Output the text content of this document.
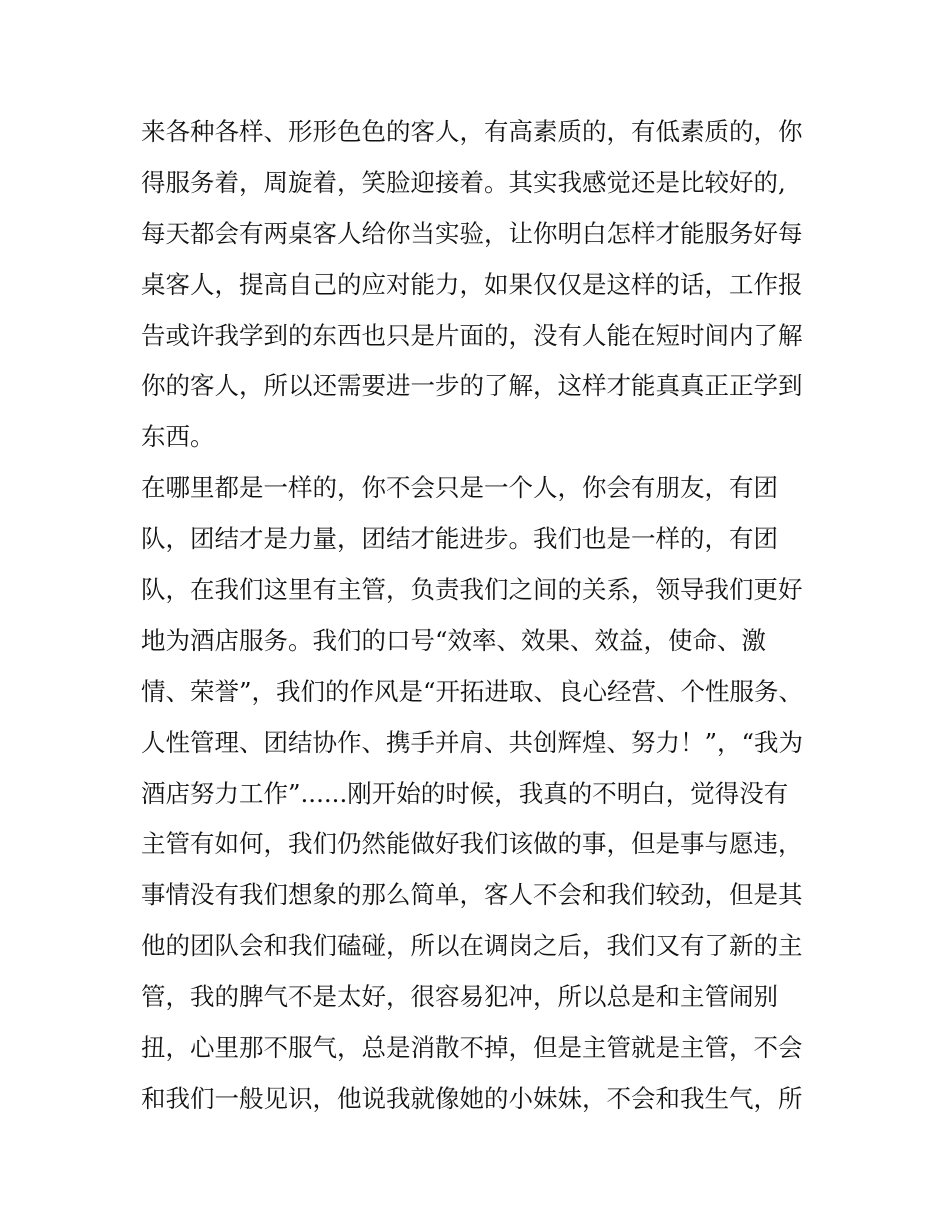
来各种各样、形形色色的客人，有高素质的，有低素质的，你
得服务着，周旋着，笑脸迎接着。其实我感觉还是比较好的,
每天都会有两桌客人给你当实验，让你明白怎样才能服务好每
桌客人，提高自己的应对能力，如果仅仅是这样的话，工作报
告或许我学到的东西也只是片面的，没有人能在短时间内了解
你的客人，所以还需要进一步的了解，这样才能真真正正学到
东西。
在哪里都是一样的，你不会只是一个人，你会有朋友，有团
队，团结才是力量，团结才能进步。我们也是一样的，有团
队，在我们这里有主管，负责我们之间的关系，领导我们更好
地为酒店服务。我们的口号“效率、效果、效益，使命、激
情、荣誉”，我们的作风是“开拓进取、良心经营、个性服务、
人性管理、团结协作、携手并肩、共创辉煌、努力！”，“我为
酒店努力工作”......刚开始的时候，我真的不明白，觉得没有
主管有如何，我们仍然能做好我们该做的事，但是事与愿违，
事情没有我们想象的那么简单，客人不会和我们较劲，但是其
他的团队会和我们磕碰，所以在调岗之后，我们又有了新的主
管，我的脾气不是太好，很容易犯冲，所以总是和主管闹别
扭，心里那不服气，总是消散不掉，但是主管就是主管，不会
和我们一般见识，他说我就像她的小妹妹，不会和我生气，所
